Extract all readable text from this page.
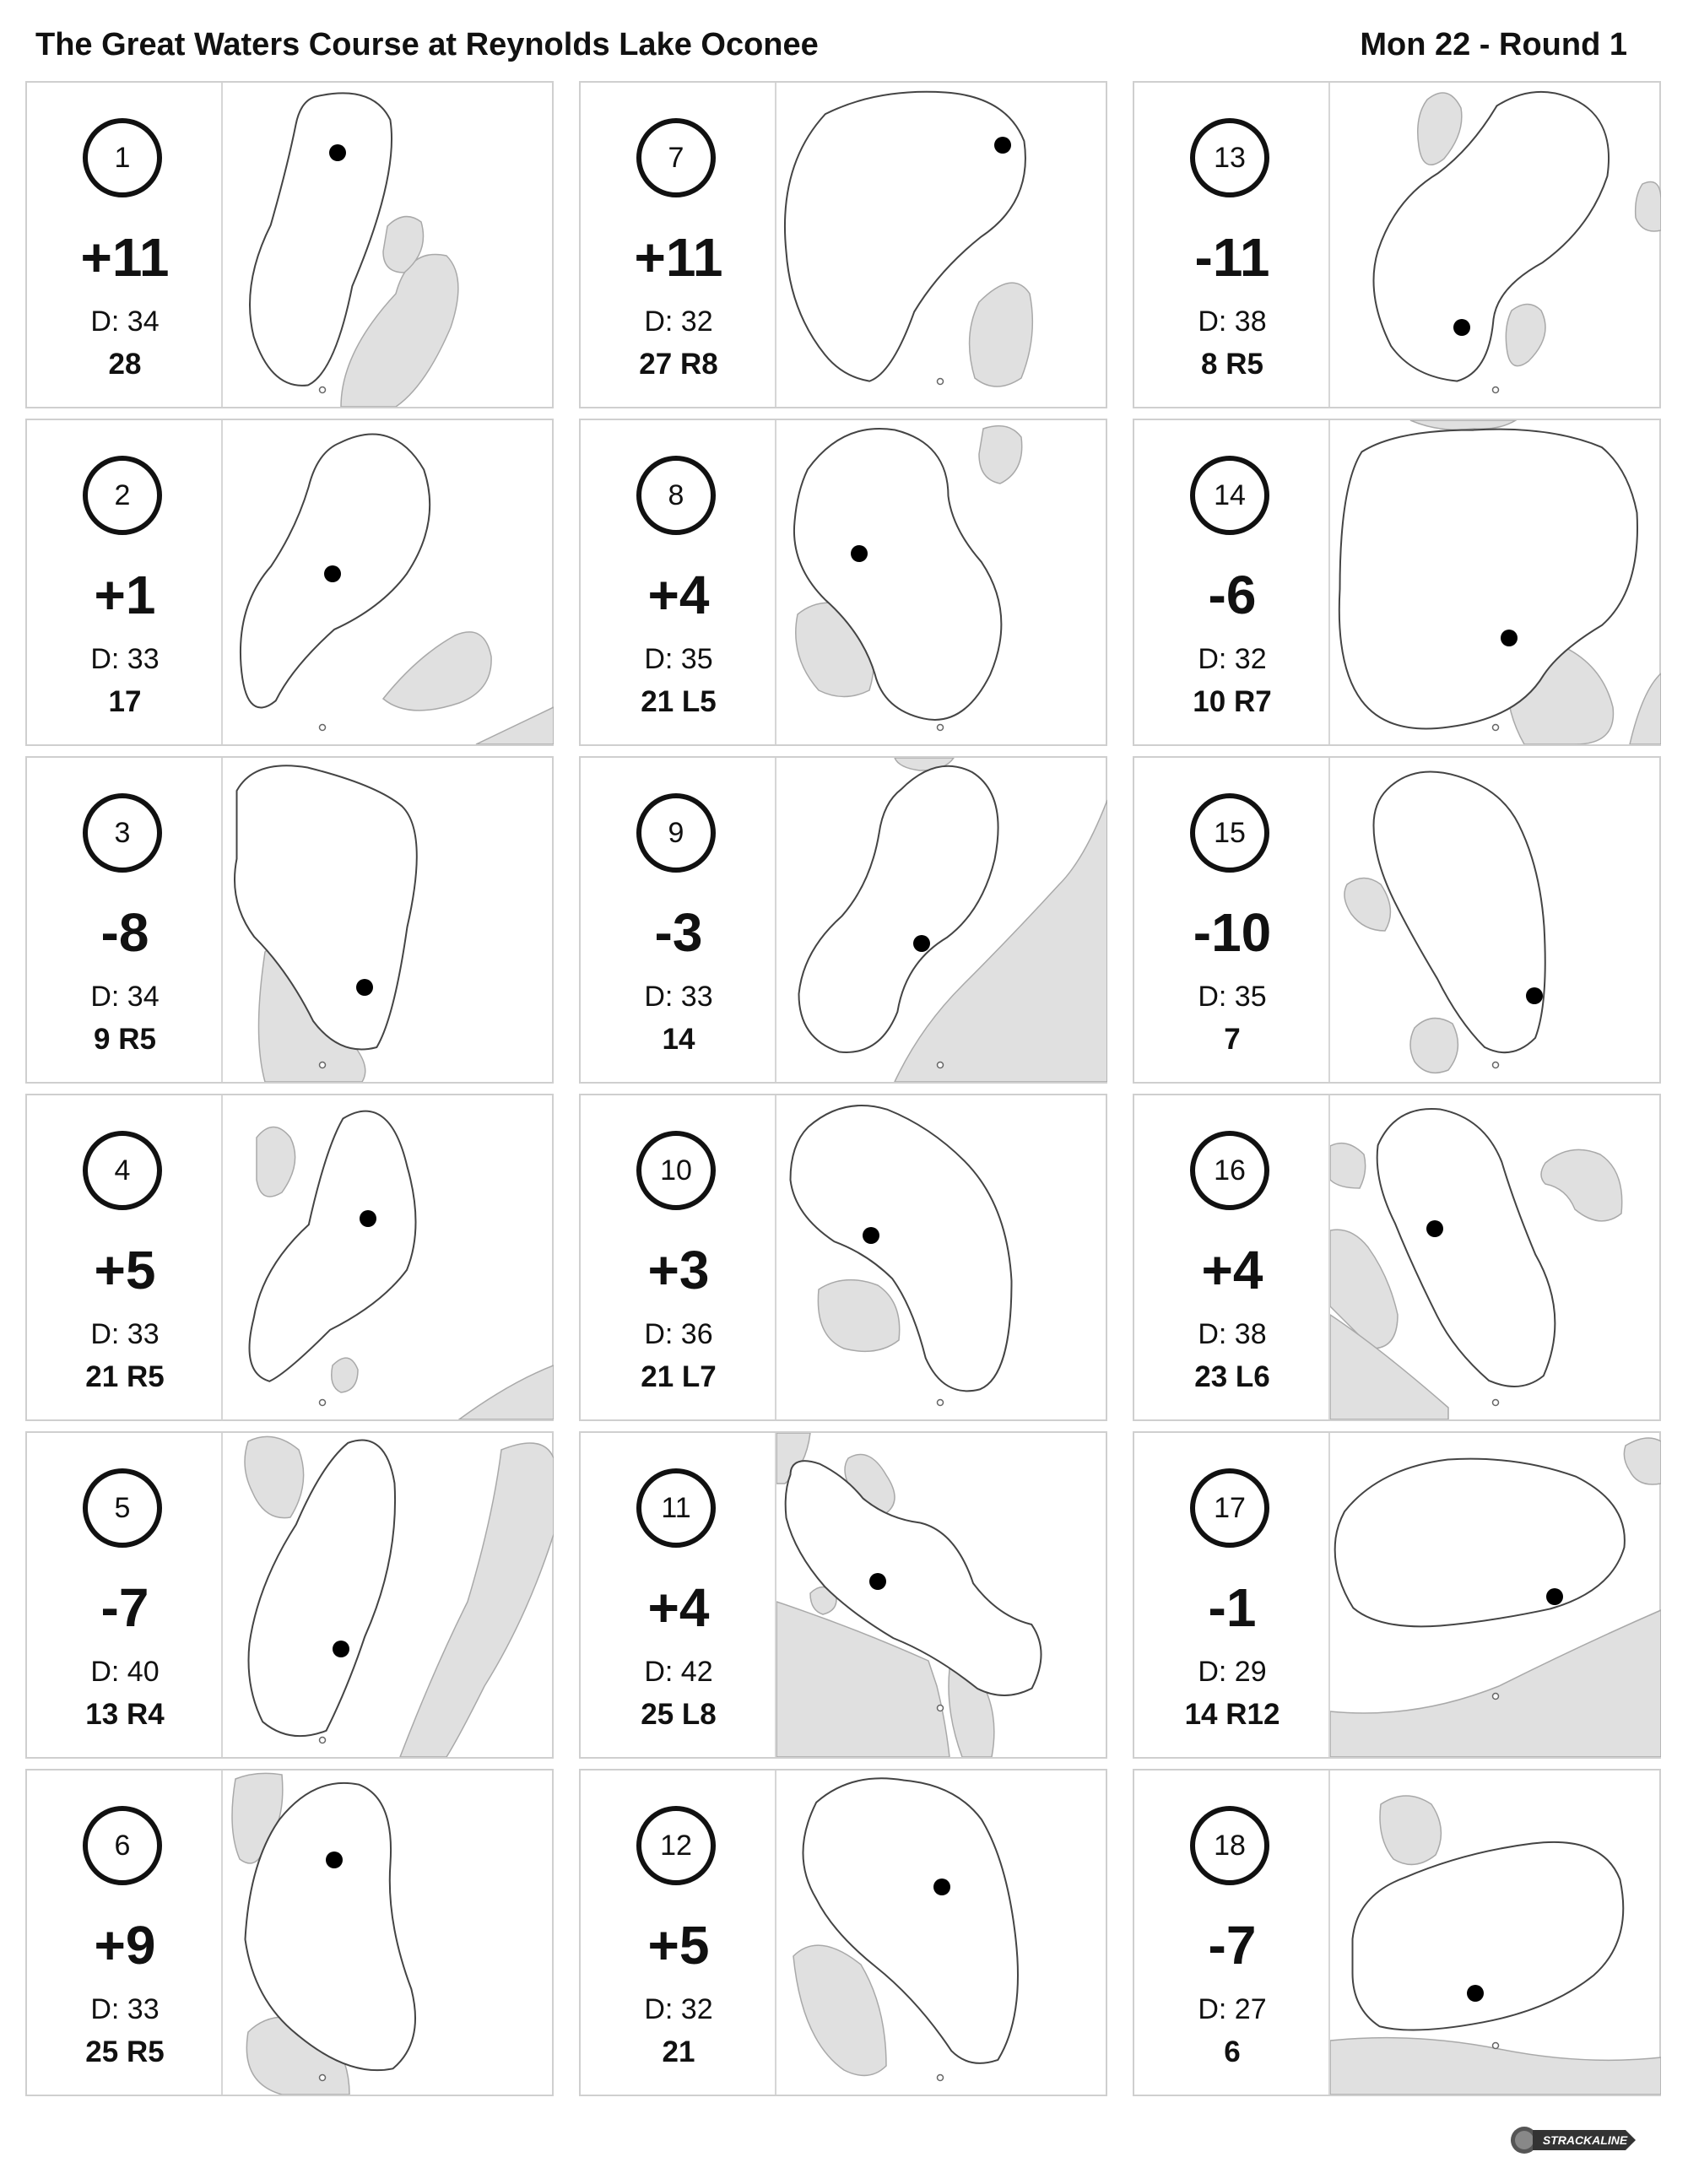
The Great Waters Course at Reynolds Lake Oconee	Mon 22 - Round 1
1
+11
D: 34
28
2
+1
D: 33
17
3
-8
D: 34
9 R5
4
+5
D: 33
21 R5
5
-7
D: 40
13 R4
6
+9
D: 33
25 R5
7
+11
D: 32
27 R8
8
+4
D: 35
21 L5
9
-3
D: 33
14
10
+3
D: 36
21 L7
11
+4
D: 42
25 L8
12
+5
D: 32
21
13
-11
D: 38
8 R5
14
-6
D: 32
10 R7
15
-10
D: 35
7
16
+4
D: 38
23 L6
17
-1
D: 29
14 R12
18
-7
D: 27
6
STRACKALINE
